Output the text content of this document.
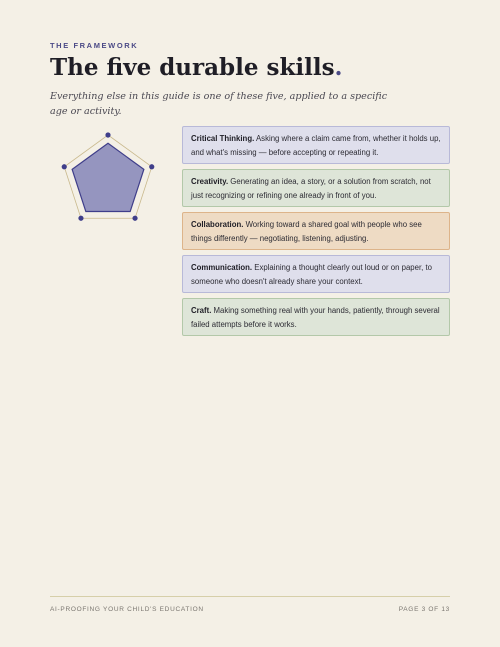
THE FRAMEWORK
The five durable skills.

Everything else in this guide is one of these five, applied to a specific age or activity.

Critical Thinking. Asking where a claim came from, whether it holds up, and what's missing — before accepting or repeating it.
Creativity. Generating an idea, a story, or a solution from scratch, not just recognizing or refining one already in front of you.
Collaboration. Working toward a shared goal with people who see things differently — negotiating, listening, adjusting.
Communication. Explaining a thought clearly out loud or on paper, to someone who doesn't already share your context.
Craft. Making something real with your hands, patiently, through several failed attempts before it works.
AI-PROOFING YOUR CHILD'S EDUCATION	PAGE 3 OF 13
